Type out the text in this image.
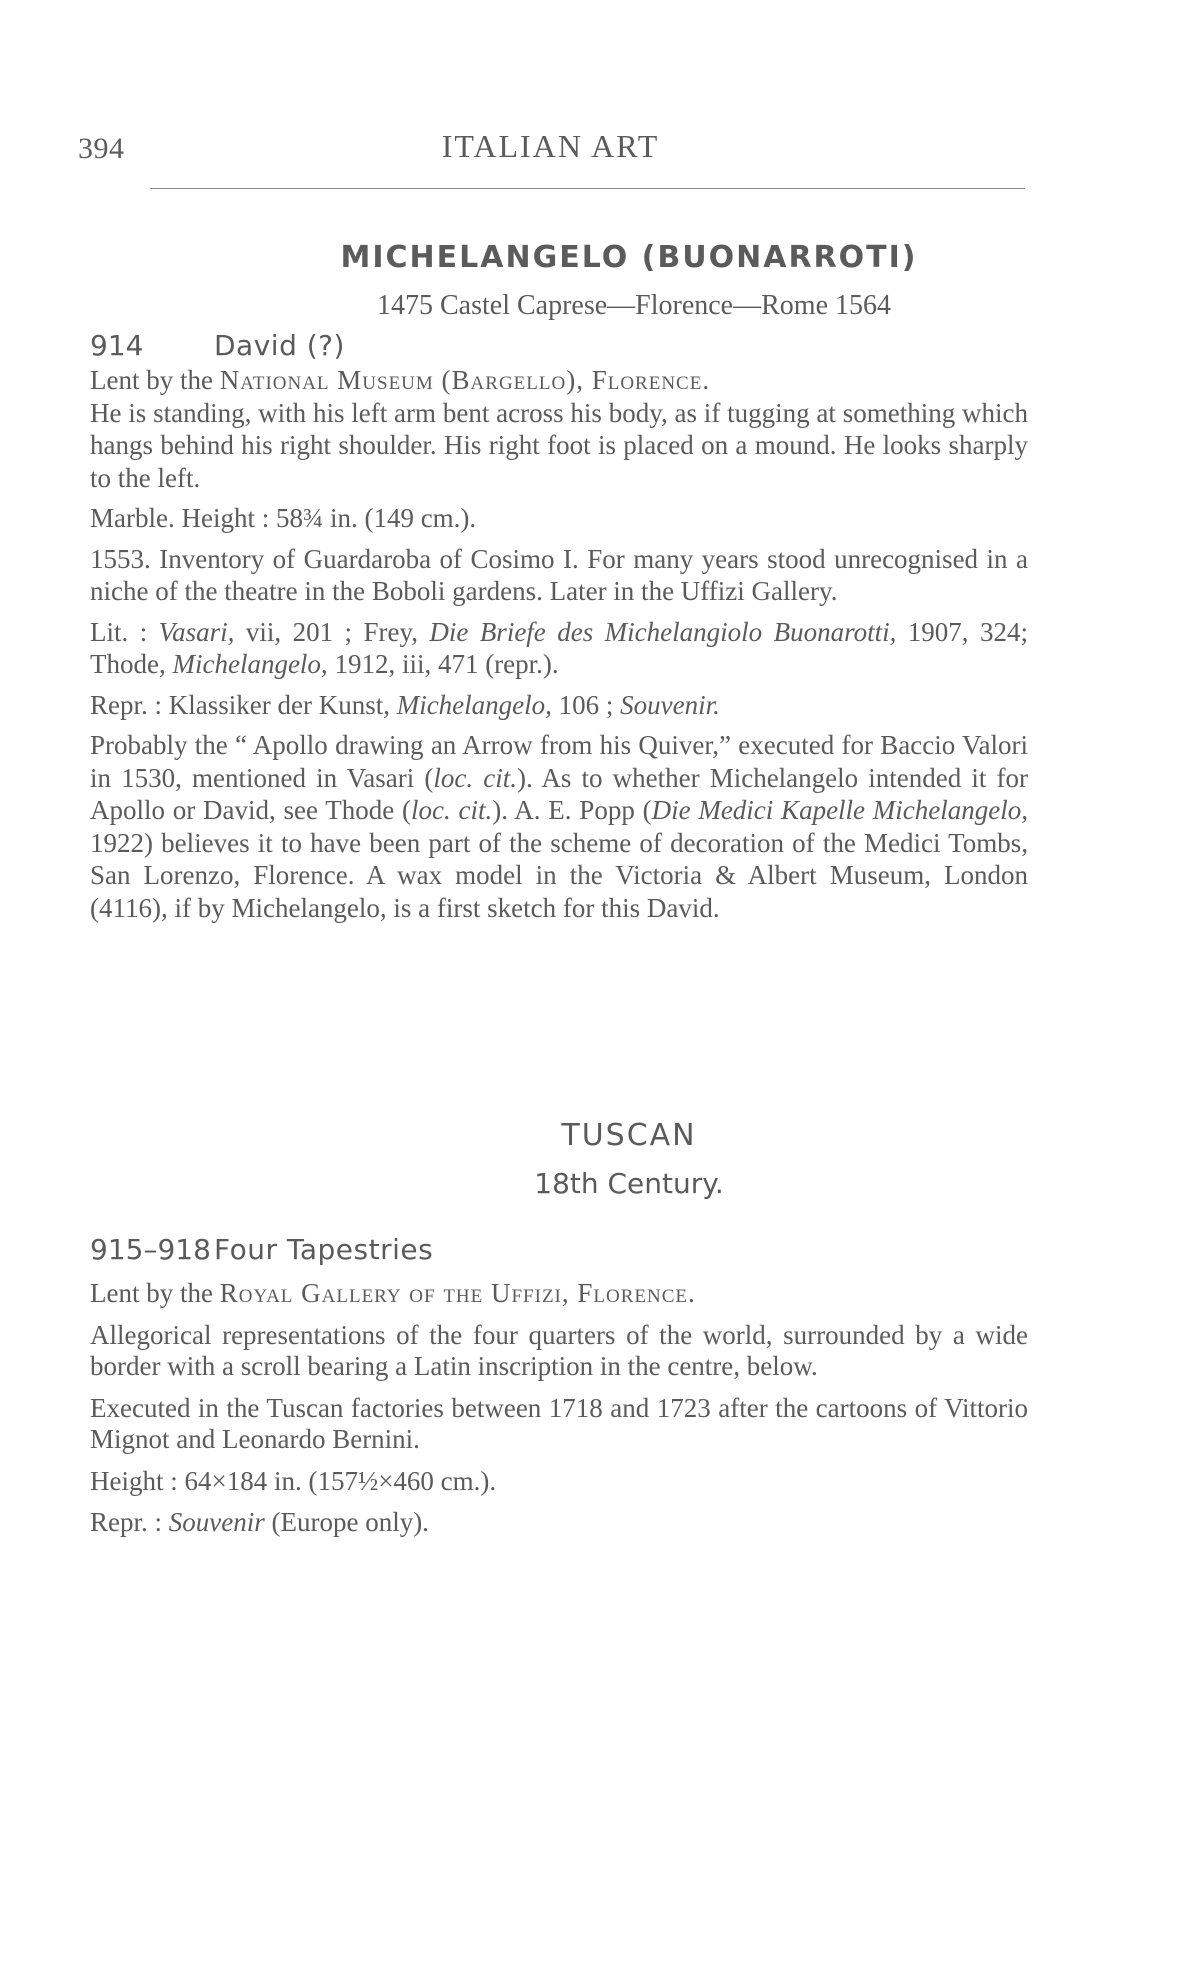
394	ITALIAN ART
MICHELANGELO (BUONARROTI)
1475 Castel Caprese—Florence—Rome 1564
914	David (?)

Lent by the National Museum (Bargello), Florence.

He is standing, with his left arm bent across his body, as if tugging at something which hangs behind his right shoulder. His right foot is placed on a mound. He looks sharply to the left.

Marble. Height : 58¾ in. (149 cm.).

1553. Inventory of Guardaroba of Cosimo I. For many years stood unrecognised in a niche of the theatre in the Boboli gardens. Later in the Uffizi Gallery.

Lit. : Vasari, vii, 201 ; Frey, Die Briefe des Michelangiolo Buonarotti, 1907, 324; Thode, Michelangelo, 1912, iii, 471 (repr.).

Repr. : Klassiker der Kunst, Michelangelo, 106 ; Souvenir.

Probably the “ Apollo drawing an Arrow from his Quiver,” executed for Baccio Valori in 1530, mentioned in Vasari (loc. cit.). As to whether Michelangelo intended it for Apollo or David, see Thode (loc. cit.). A. E. Popp (Die Medici Kapelle Michelangelo, 1922) believes it to have been part of the scheme of decoration of the Medici Tombs, San Lorenzo, Florence. A wax model in the Victoria & Albert Museum, London (4116), if by Michelangelo, is a first sketch for this David.

TUSCAN
18th Century.
915–918 Four Tapestries

Lent by the Royal Gallery of the Uffizi, Florence.

Allegorical representations of the four quarters of the world, surrounded by a wide border with a scroll bearing a Latin inscription in the centre, below.

Executed in the Tuscan factories between 1718 and 1723 after the cartoons of Vittorio Mignot and Leonardo Bernini.

Height : 64×184 in. (157½×460 cm.).

Repr. : Souvenir (Europe only).
